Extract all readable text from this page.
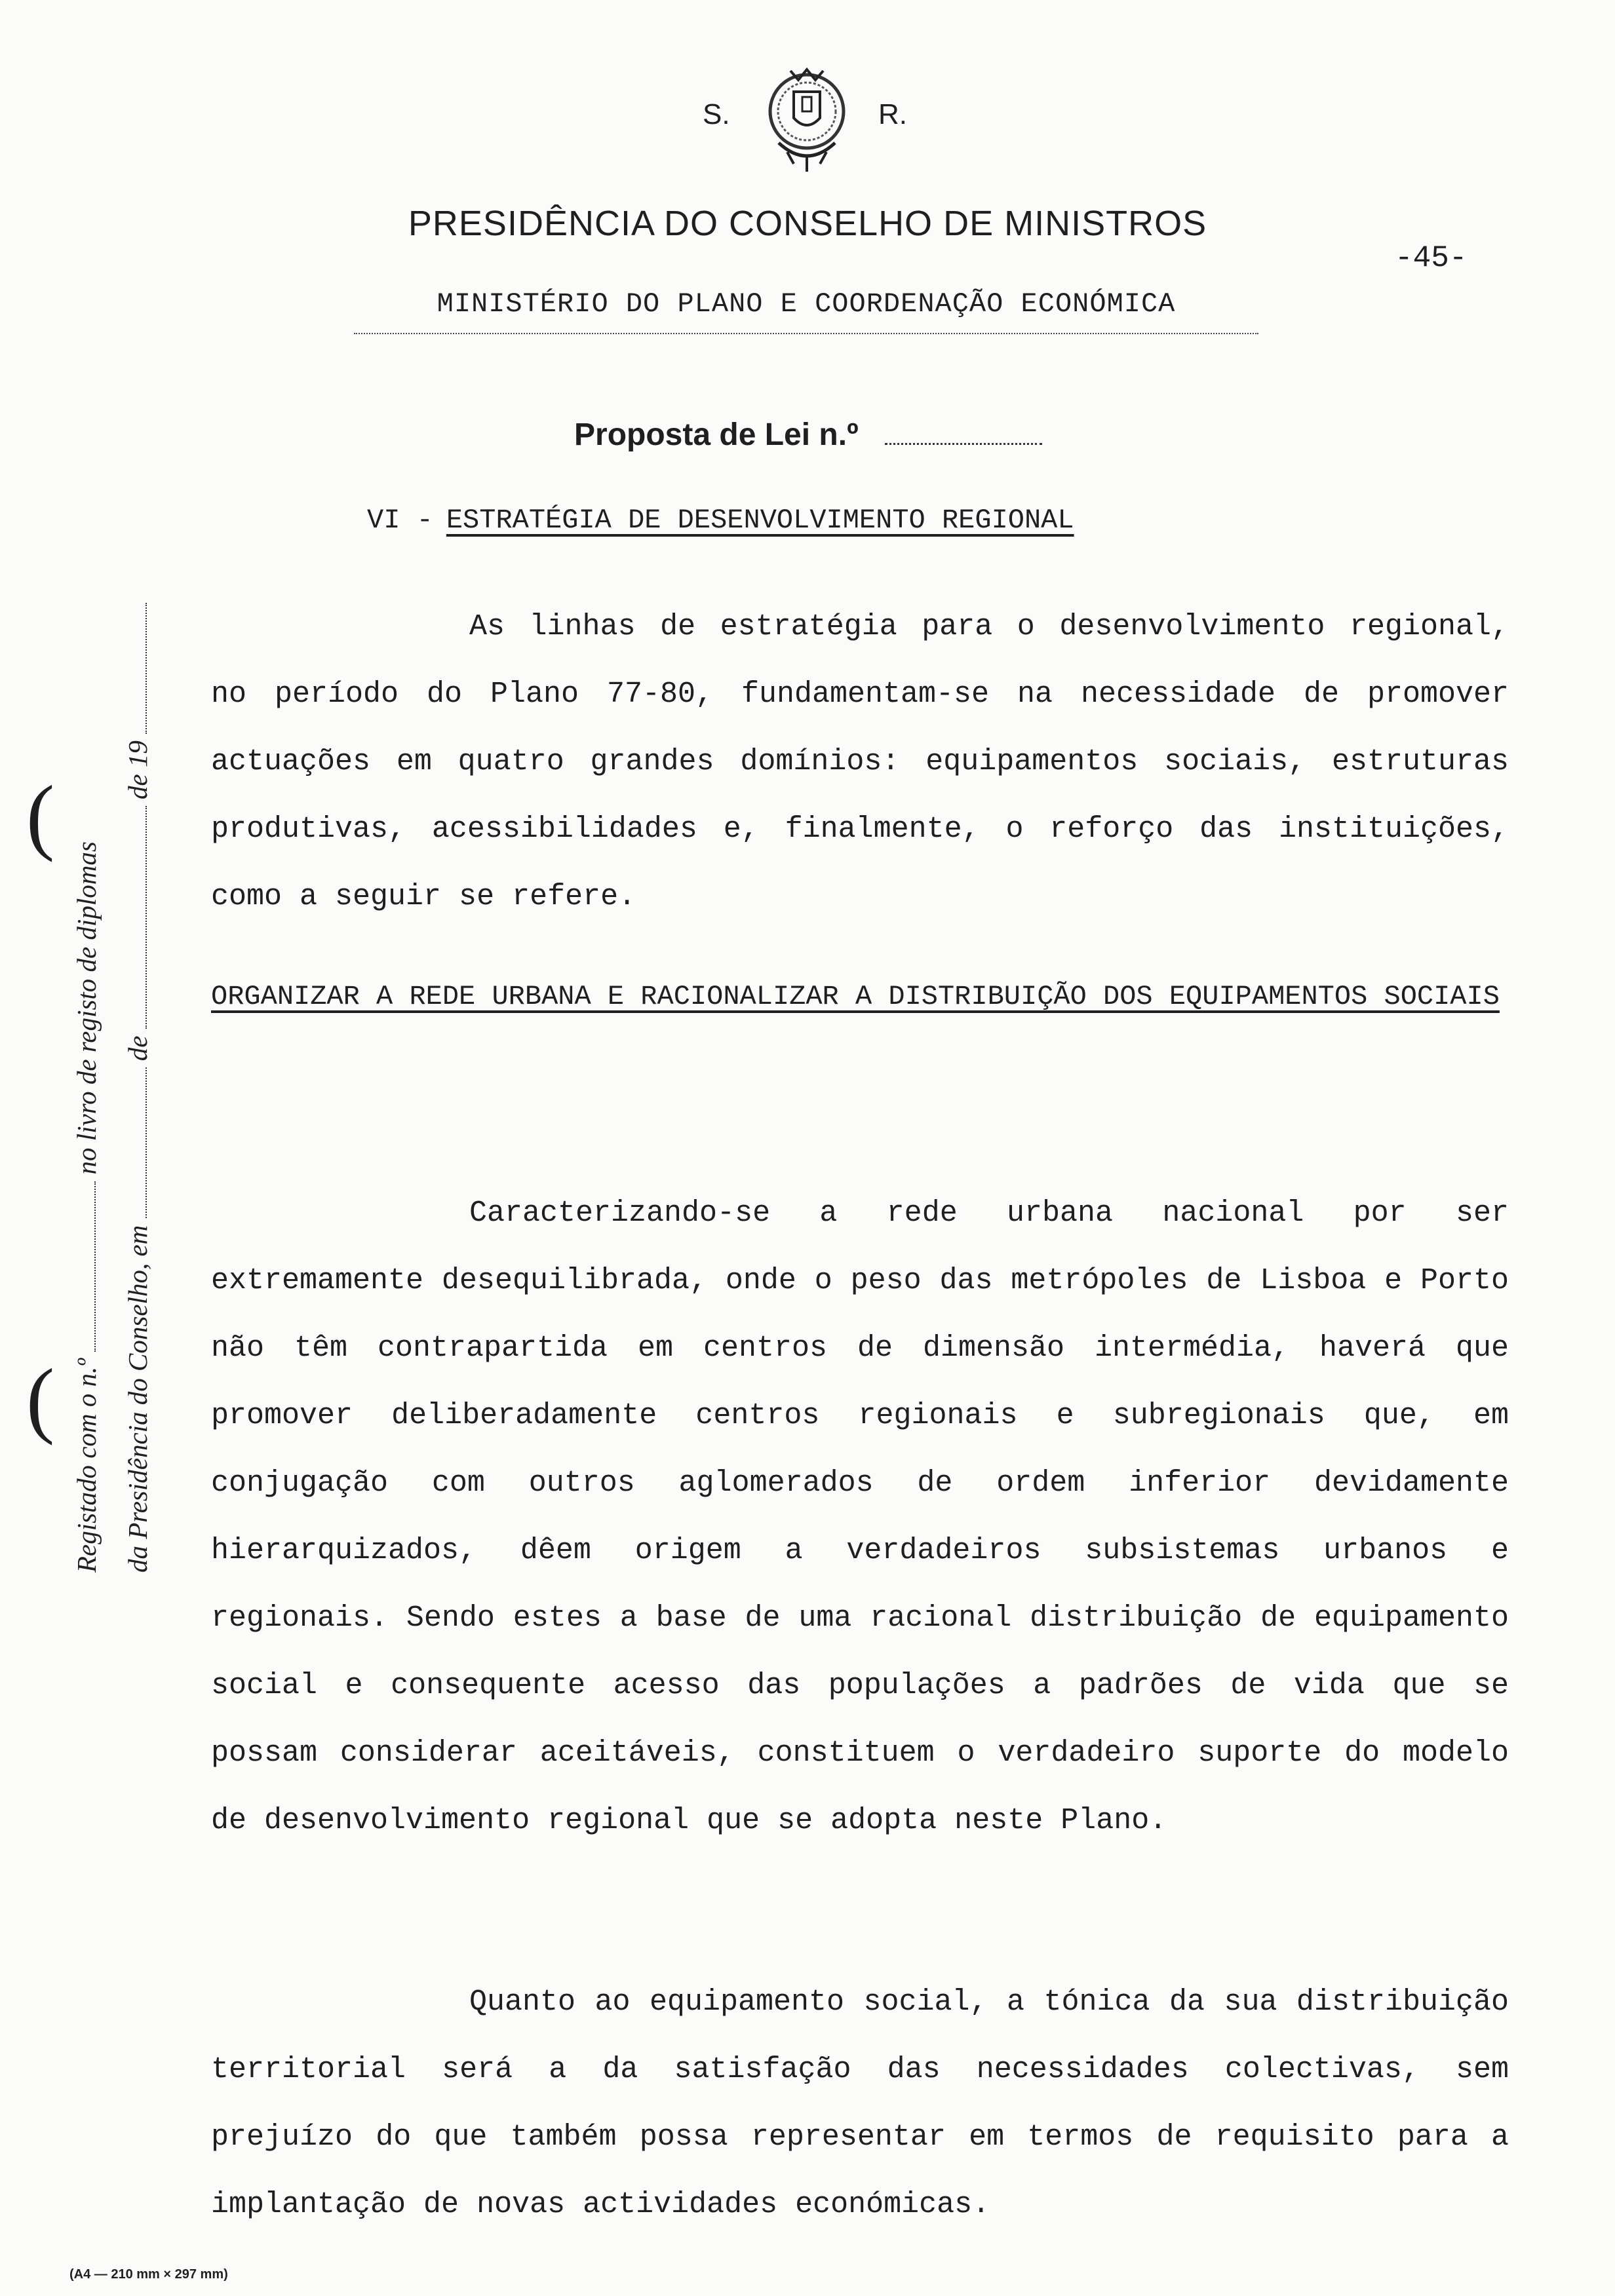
S.	R.
PRESIDÊNCIA DO CONSELHO DE MINISTROS
-45-
MINISTÉRIO DO PLANO E COORDENAÇÃO ECONÓMICA
Proposta de Lei n.º
VI - ESTRATÉGIA DE DESENVOLVIMENTO REGIONAL

As linhas de estratégia para o desenvolvimento regional, no período do Plano 77-80, fundamentam-se na necessidade de promover actuações em quatro grandes domínios: equipamentos sociais, estruturas produtivas, acessibilidades e, finalmente, o reforço das instituições, como a seguir se refere.

ORGANIZAR A REDE URBANA E RACIONALIZAR A DISTRIBUIÇÃO DOS EQUIPAMENTOS SOCIAIS

Caracterizando-se a rede urbana nacional por ser extremamente desequilibrada, onde o peso das metrópoles de Lisboa e Porto não têm contrapartida em centros de dimensão intermédia, haverá que promover deliberadamente centros regionais e subregionais que, em conjugação com outros aglomerados de ordem inferior devidamente hierarquizados, dêem origem a verdadeiros subsistemas urbanos e regionais. Sendo estes a base de uma racional distribuição de equipamento social e consequente acesso das populações a padrões de vida que se possam considerar aceitáveis, constituem o verdadeiro suporte do modelo de desenvolvimento regional que se adopta neste Plano.

Quanto ao equipamento social, a tónica da sua distribuição territorial será a da satisfação das necessidades colectivas, sem prejuízo do que também possa representar em termos de requisito para a implantação de novas actividades económicas.

Registado com o n.º  no livro de registo de diplomas
da Presidência do Conselho, em  de  de 19
(
(
(A4 — 210 mm × 297 mm)
